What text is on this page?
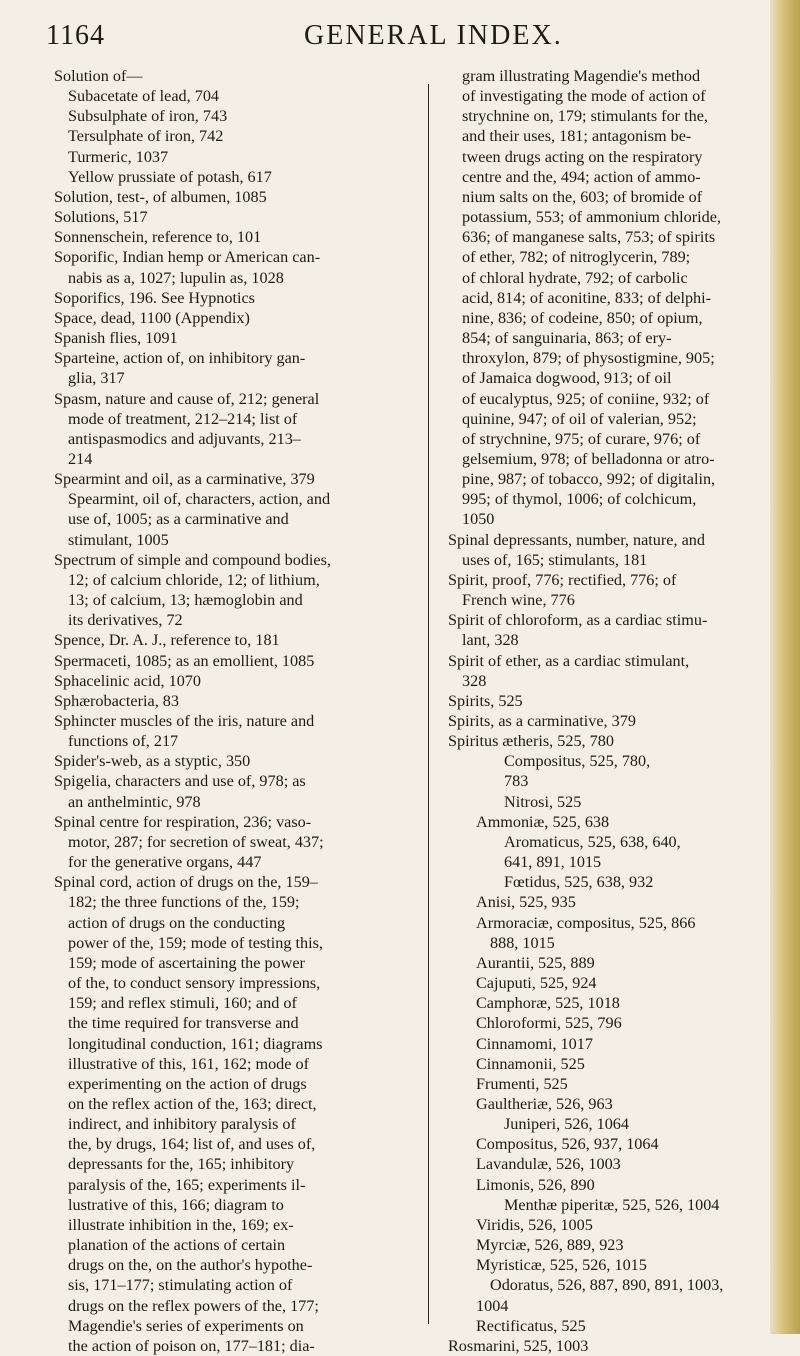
1164	GENERAL INDEX.
Solution of—
Subacetate of lead, 704
Subsulphate of iron, 743
Tersulphate of iron, 742
Turmeric, 1037
Yellow prussiate of potash, 617
Solution, test-, of albumen, 1085
Solutions, 517
Sonnenschein, reference to, 101
Soporific, Indian hemp or American can-
nabis as a, 1027; lupulin as, 1028
Soporifics, 196. See Hypnotics
Space, dead, 1100 (Appendix)
Spanish flies, 1091
Sparteine, action of, on inhibitory gan-
glia, 317
Spasm, nature and cause of, 212; general
mode of treatment, 212–214; list of
antispasmodics and adjuvants, 213–
214
Spearmint and oil, as a carminative, 379
Spearmint, oil of, characters, action, and
use of, 1005; as a carminative and
stimulant, 1005
Spectrum of simple and compound bodies,
12; of calcium chloride, 12; of lithium,
13; of calcium, 13; hæmoglobin and
its derivatives, 72
Spence, Dr. A. J., reference to, 181
Spermaceti, 1085; as an emollient, 1085
Sphacelinic acid, 1070
Sphærobacteria, 83
Sphincter muscles of the iris, nature and
functions of, 217
Spider's-web, as a styptic, 350
Spigelia, characters and use of, 978; as
an anthelmintic, 978
Spinal centre for respiration, 236; vaso-
motor, 287; for secretion of sweat, 437;
for the generative organs, 447
Spinal cord, action of drugs on the, 159–
182; the three functions of the, 159;
action of drugs on the conducting
power of the, 159; mode of testing this,
159; mode of ascertaining the power
of the, to conduct sensory impressions,
159; and reflex stimuli, 160; and of
the time required for transverse and
longitudinal conduction, 161; diagrams
illustrative of this, 161, 162; mode of
experimenting on the action of drugs
on the reflex action of the, 163; direct,
indirect, and inhibitory paralysis of
the, by drugs, 164; list of, and uses of,
depressants for the, 165; inhibitory
paralysis of the, 165; experiments il-
lustrative of this, 166; diagram to
illustrate inhibition in the, 169; ex-
planation of the actions of certain
drugs on the, on the author's hypothe-
sis, 171–177; stimulating action of
drugs on the reflex powers of the, 177;
Magendie's series of experiments on
the action of poison on, 177–181; dia-
gram illustrating Magendie's method
of investigating the mode of action of
strychnine on, 179; stimulants for the,
and their uses, 181; antagonism be-
tween drugs acting on the respiratory
centre and the, 494; action of ammo-
nium salts on the, 603; of bromide of
potassium, 553; of ammonium chloride,
636; of manganese salts, 753; of spirits
of ether, 782; of nitroglycerin, 789;
of chloral hydrate, 792; of carbolic
acid, 814; of aconitine, 833; of delphi-
nine, 836; of codeine, 850; of opium,
854; of sanguinaria, 863; of ery-
throxylon, 879; of physostigmine, 905;
of Jamaica dogwood, 913; of oil
of eucalyptus, 925; of coniine, 932; of
quinine, 947; of oil of valerian, 952;
of strychnine, 975; of curare, 976; of
gelsemium, 978; of belladonna or atro-
pine, 987; of tobacco, 992; of digitalin,
995; of thymol, 1006; of colchicum,
1050
Spinal depressants, number, nature, and
uses of, 165; stimulants, 181
Spirit, proof, 776; rectified, 776; of
French wine, 776
Spirit of chloroform, as a cardiac stimu-
lant, 328
Spirit of ether, as a cardiac stimulant,
328
Spirits, 525
Spirits, as a carminative, 379
Spiritus ætheris, 525, 780
Compositus, 525, 780,
783
Nitrosi, 525
Ammoniæ, 525, 638
Aromaticus, 525, 638, 640,
641, 891, 1015
Fœtidus, 525, 638, 932
Anisi, 525, 935
Armoraciæ, compositus, 525, 866
888, 1015
Aurantii, 525, 889
Cajuputi, 525, 924
Camphoræ, 525, 1018
Chloroformi, 525, 796
Cinnamomi, 1017
Cinnamonii, 525
Frumenti, 525
Gaultheriæ, 526, 963
Juniperi, 526, 1064
Compositus, 526, 937, 1064
Lavandulæ, 526, 1003
Limonis, 526, 890
Menthæ piperitæ, 525, 526, 1004
Viridis, 526, 1005
Myrciæ, 526, 889, 923
Myristicæ, 525, 526, 1015
Odoratus, 526, 887, 890, 891, 1003,
1004
Rectificatus, 525
Rosmarini, 525, 1003
